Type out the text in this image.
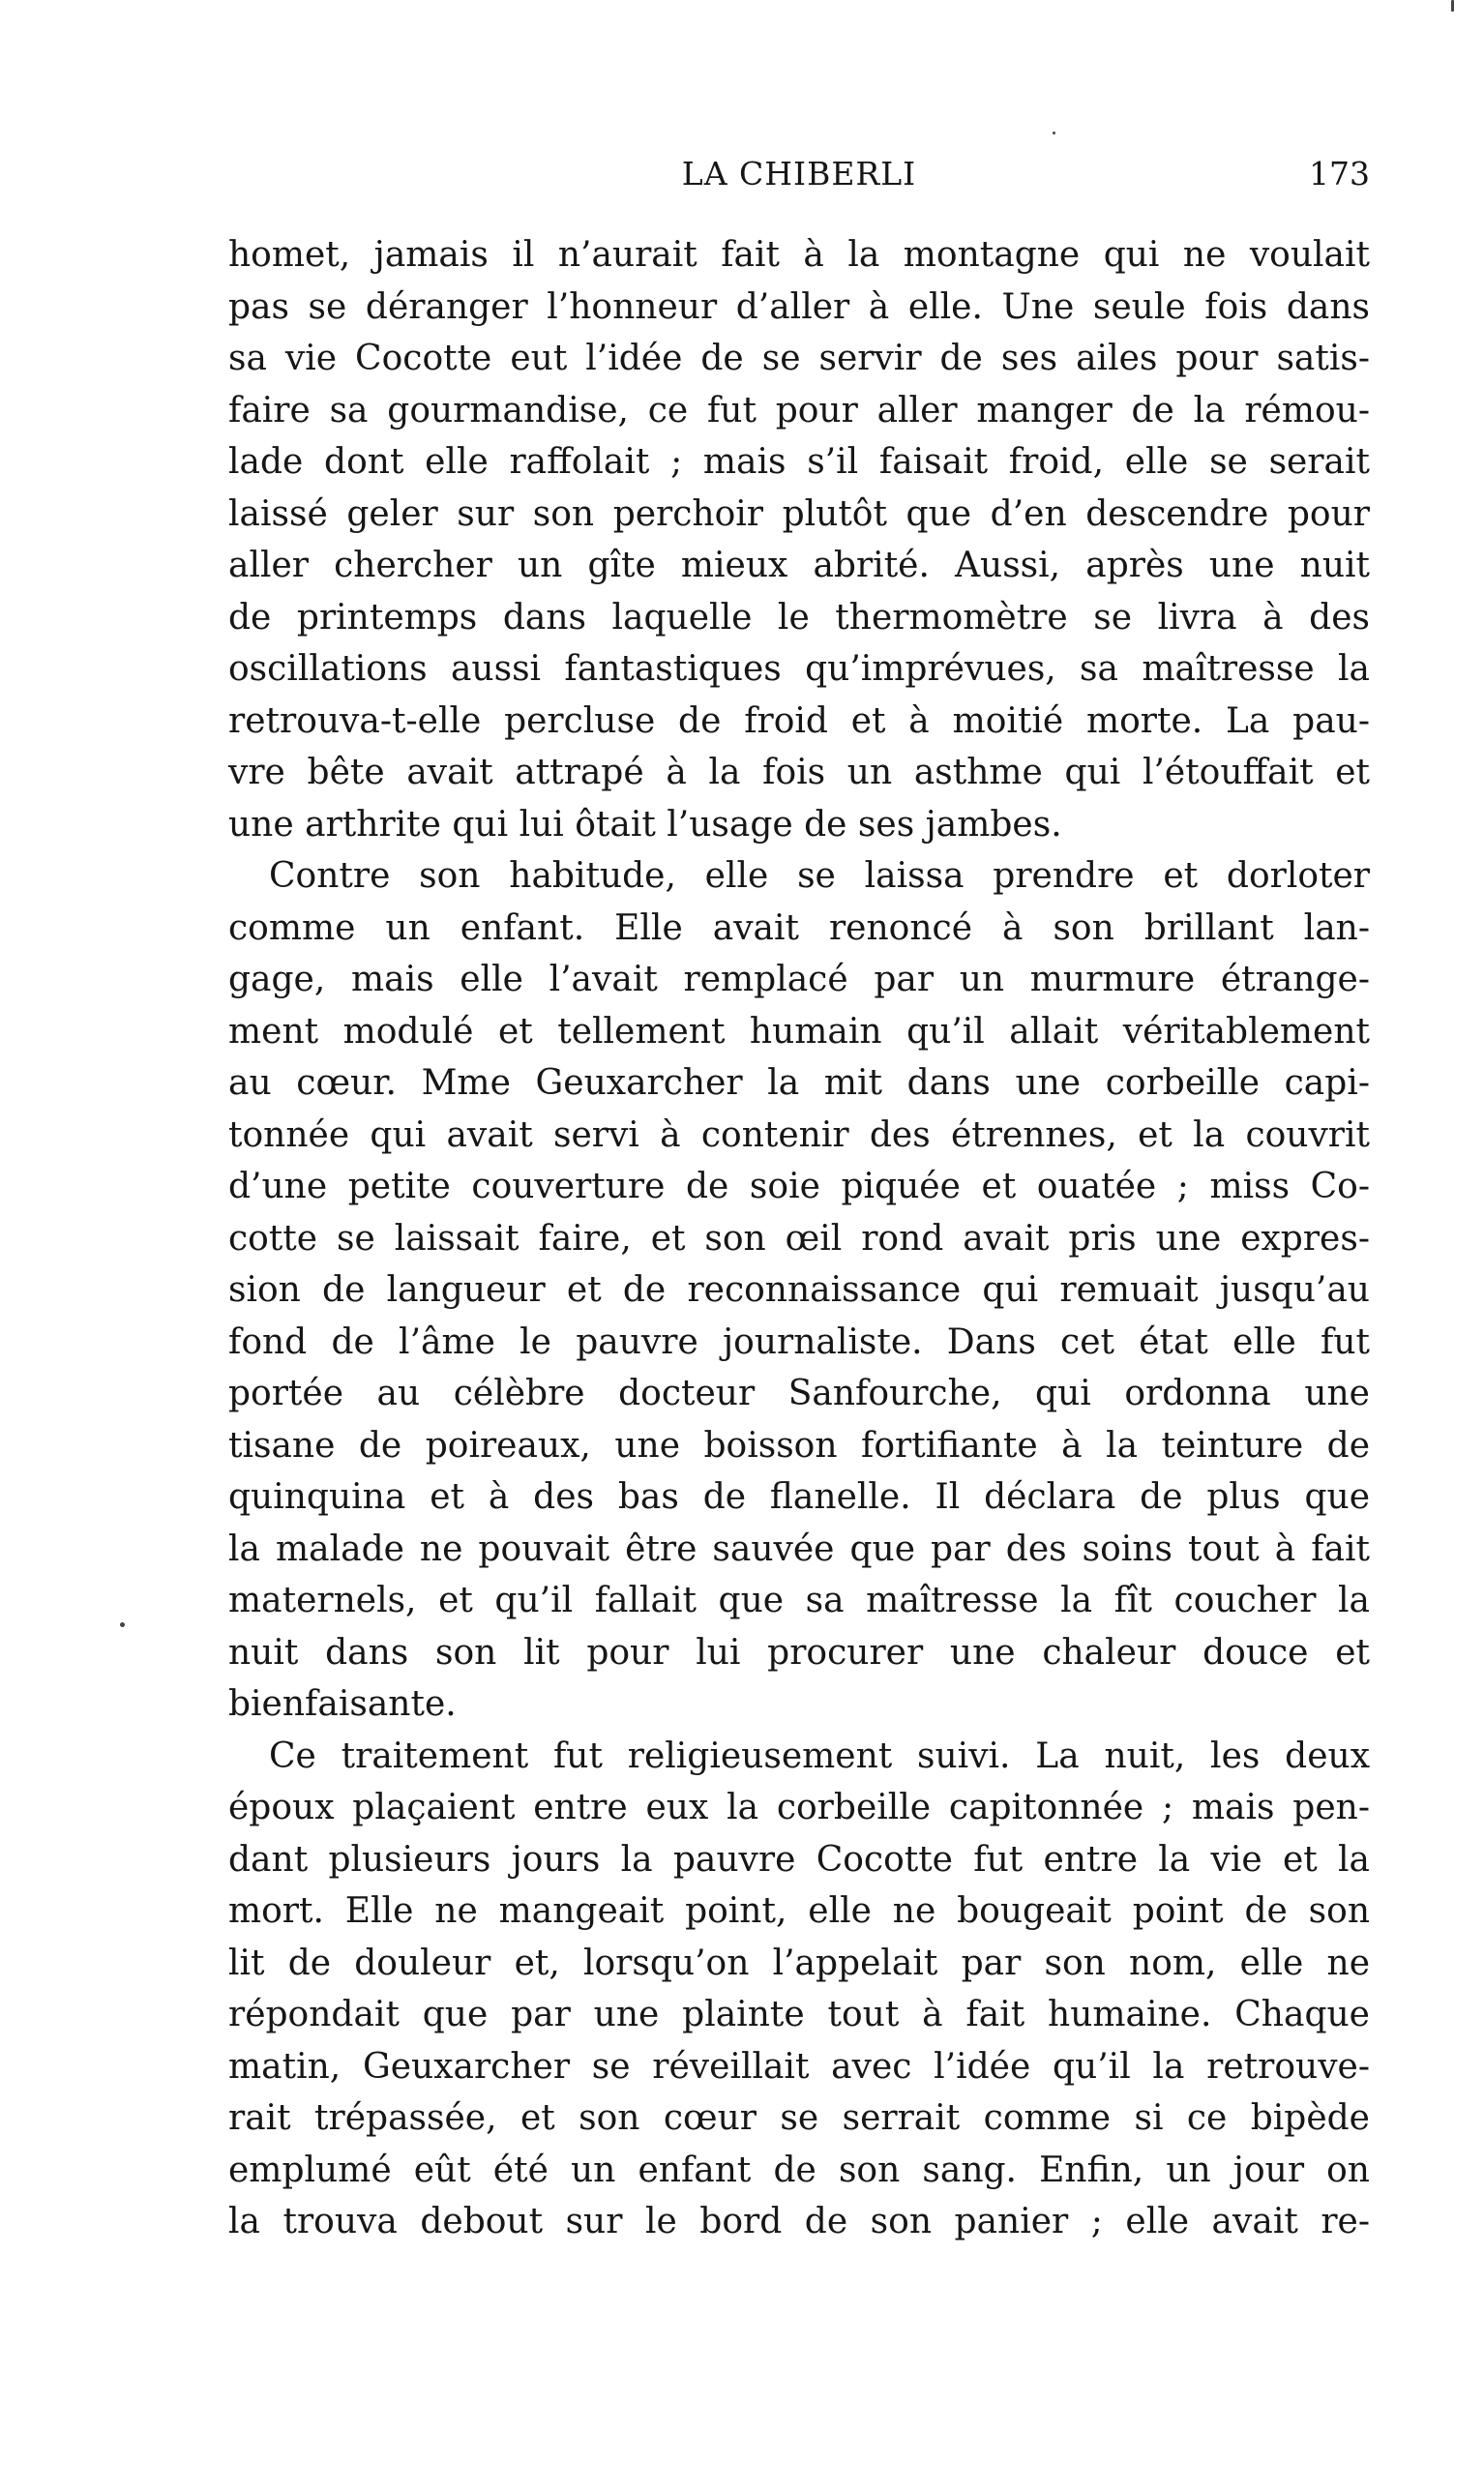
LA CHIBERLI	173
homet, jamais il n’aurait fait à la montagne qui ne voulait
pas se déranger l’honneur d’aller à elle. Une seule fois dans
sa vie Cocotte eut l’idée de se servir de ses ailes pour satis-
faire sa gourmandise, ce fut pour aller manger de la rémou-
lade dont elle raffolait ; mais s’il faisait froid, elle se serait
laissé geler sur son perchoir plutôt que d’en descendre pour
aller chercher un gîte mieux abrité. Aussi, après une nuit
de printemps dans laquelle le thermomètre se livra à des
oscillations aussi fantastiques qu’imprévues, sa maîtresse la
retrouva-t-elle percluse de froid et à moitié morte. La pau-
vre bête avait attrapé à la fois un asthme qui l’étouffait et
une arthrite qui lui ôtait l’usage de ses jambes.
Contre son habitude, elle se laissa prendre et dorloter
comme un enfant. Elle avait renoncé à son brillant lan-
gage, mais elle l’avait remplacé par un murmure étrange-
ment modulé et tellement humain qu’il allait véritablement
au cœur. Mme Geuxarcher la mit dans une corbeille capi-
tonnée qui avait servi à contenir des étrennes, et la couvrit
d’une petite couverture de soie piquée et ouatée ; miss Co-
cotte se laissait faire, et son œil rond avait pris une expres-
sion de langueur et de reconnaissance qui remuait jusqu’au
fond de l’âme le pauvre journaliste. Dans cet état elle fut
portée au célèbre docteur Sanfourche, qui ordonna une
tisane de poireaux, une boisson fortifiante à la teinture de
quinquina et à des bas de flanelle. Il déclara de plus que
la malade ne pouvait être sauvée que par des soins tout à fait
maternels, et qu’il fallait que sa maîtresse la fît coucher la
nuit dans son lit pour lui procurer une chaleur douce et
bienfaisante.
Ce traitement fut religieusement suivi. La nuit, les deux
époux plaçaient entre eux la corbeille capitonnée ; mais pen-
dant plusieurs jours la pauvre Cocotte fut entre la vie et la
mort. Elle ne mangeait point, elle ne bougeait point de son
lit de douleur et, lorsqu’on l’appelait par son nom, elle ne
répondait que par une plainte tout à fait humaine. Chaque
matin, Geuxarcher se réveillait avec l’idée qu’il la retrouve-
rait trépassée, et son cœur se serrait comme si ce bipède
emplumé eût été un enfant de son sang. Enfin, un jour on
la trouva debout sur le bord de son panier ; elle avait re-
